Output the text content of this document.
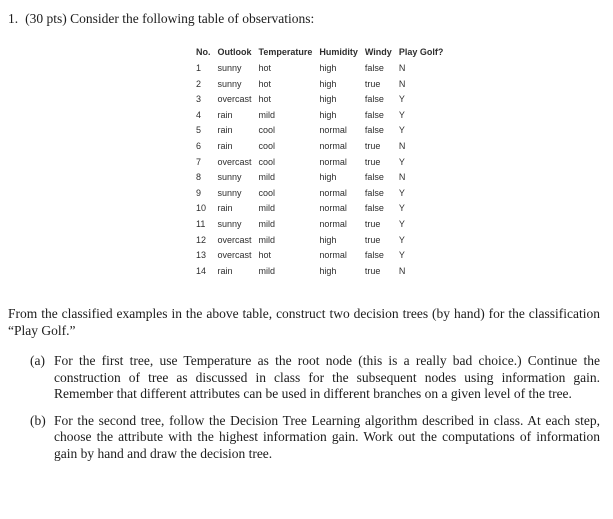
1. (30 pts) Consider the following table of observations:
No.	Outlook	Temperature	Humidity	Windy	Play Golf?
1	sunny	hot	high	false	N
2	sunny	hot	high	true	N
3	overcast	hot	high	false	Y
4	rain	mild	high	false	Y
5	rain	cool	normal	false	Y
6	rain	cool	normal	true	N
7	overcast	cool	normal	true	Y
8	sunny	mild	high	false	N
9	sunny	cool	normal	false	Y
10	rain	mild	normal	false	Y
11	sunny	mild	normal	true	Y
12	overcast	mild	high	true	Y
13	overcast	hot	normal	false	Y
14	rain	mild	high	true	N

From the classified examples in the above table, construct two decision trees (by hand) for the classification “Play Golf.”

(a) For the first tree, use Temperature as the root node (this is a really bad choice.) Continue the construction of tree as discussed in class for the subsequent nodes using information gain. Remember that different attributes can be used in different branches on a given level of the tree.
(b) For the second tree, follow the Decision Tree Learning algorithm described in class. At each step, choose the attribute with the highest information gain. Work out the computations of information gain by hand and draw the decision tree.
